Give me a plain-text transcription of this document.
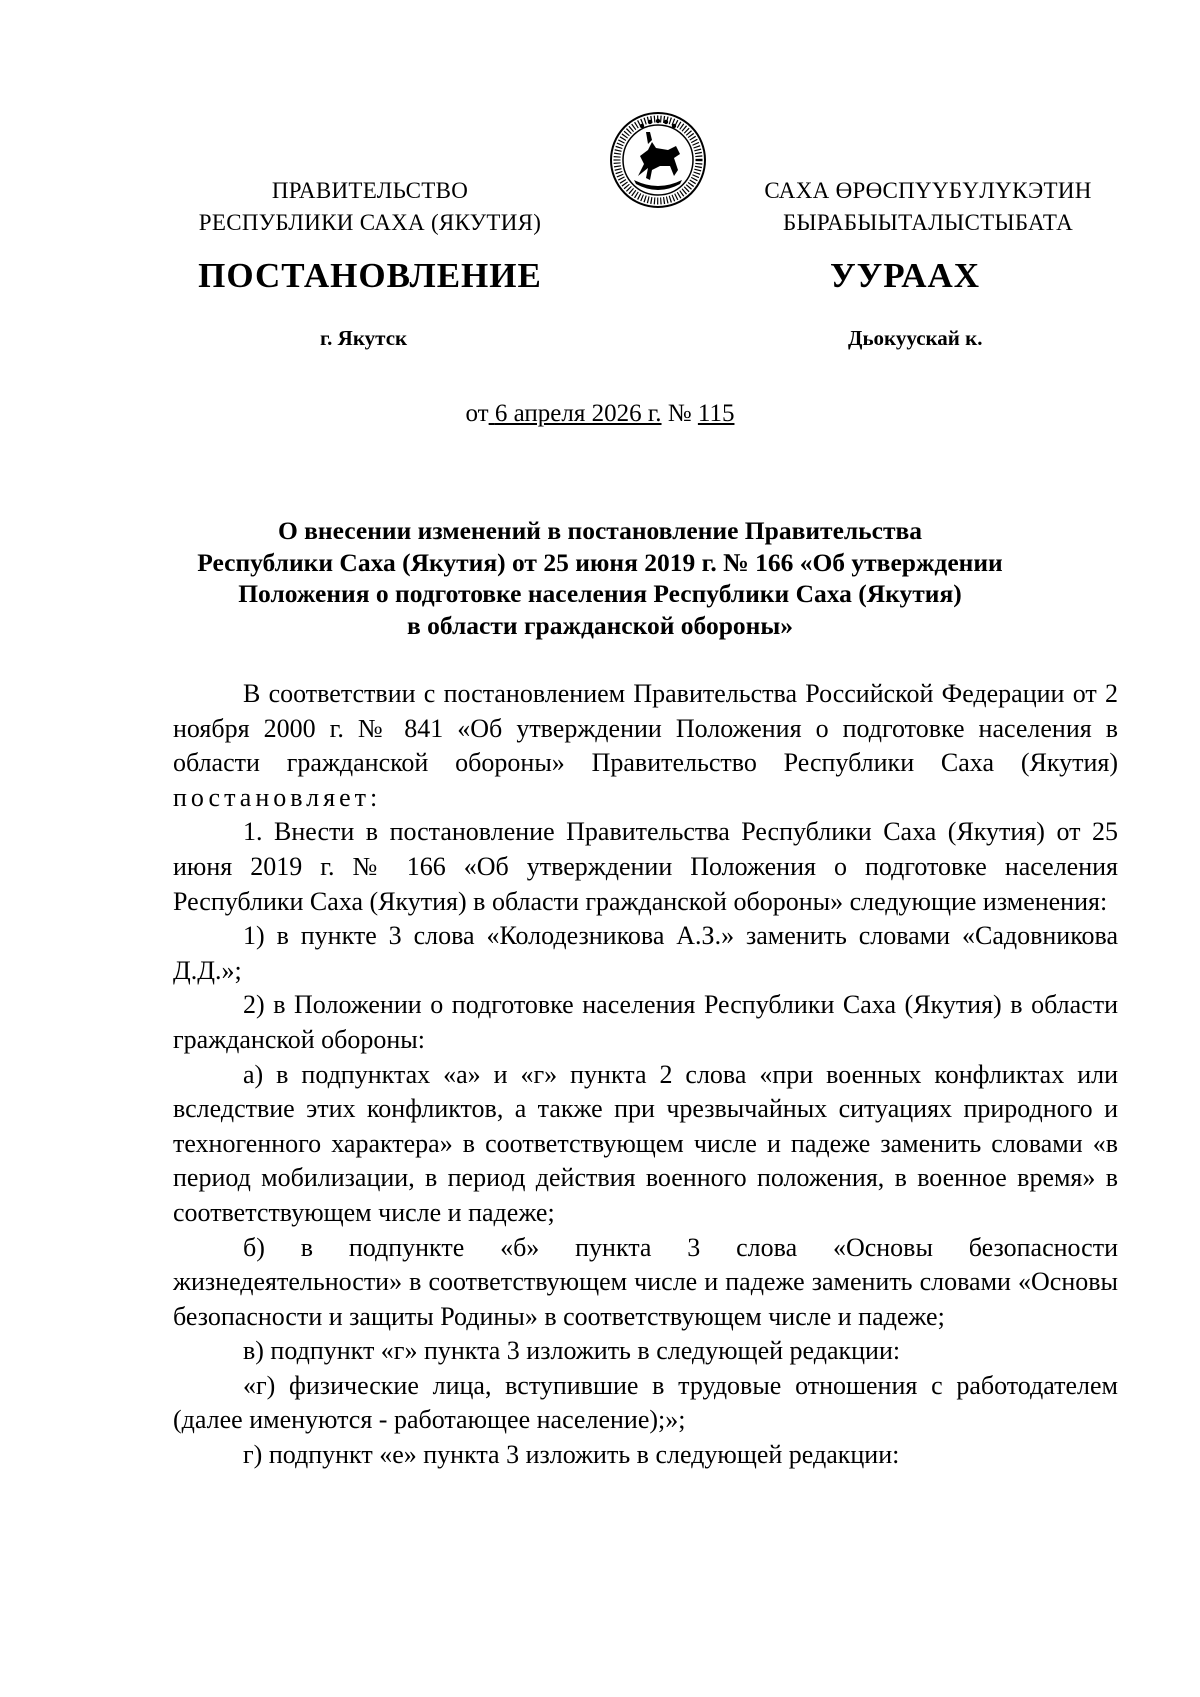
ПРАВИТЕЛЬСТВО
РЕСПУБЛИКИ САХА (ЯКУТИЯ)
САХА ӨРӨСПҮҮБҮЛҮКЭТИН
БЫРАБЫЫТАЛЫСТЫБАТА
ПОСТАНОВЛЕНИЕ	УУРААХ
г. Якутск	Дьокуускай к.
от 6 апреля 2026 г. № 115
О внесении изменений в постановление Правительства
Республики Саха (Якутия) от 25 июня 2019 г. № 166 «Об утверждении
Положения о подготовке населения Республики Саха (Якутия)
в области гражданской обороны»

В соответствии с постановлением Правительства Российской Федерации от 2 ноября 2000 г. № 841 «Об утверждении Положения о подготовке населения в области гражданской обороны» Правительство Республики Саха (Якутия) постановляет:

1. Внести в постановление Правительства Республики Саха (Якутия) от 25 июня 2019 г. № 166 «Об утверждении Положения о подготовке населения Республики Саха (Якутия) в области гражданской обороны» следующие изменения:

1) в пункте 3 слова «Колодезникова А.З.» заменить словами «Садовникова Д.Д.»;

2) в Положении о подготовке населения Республики Саха (Якутия) в области гражданской обороны:

а) в подпунктах «а» и «г» пункта 2 слова «при военных конфликтах или вследствие этих конфликтов, а также при чрезвычайных ситуациях природного и техногенного характера» в соответствующем числе и падеже заменить словами «в период мобилизации, в период действия военного положения, в военное время» в соответствующем числе и падеже;

б) в подпункте «б» пункта 3 слова «Основы безопасности жизнедеятельности» в соответствующем числе и падеже заменить словами «Основы безопасности и защиты Родины» в соответствующем числе и падеже;

в) подпункт «г» пункта 3 изложить в следующей редакции:

«г) физические лица, вступившие в трудовые отношения с работодателем (далее именуются - работающее население);»;

г) подпункт «е» пункта 3 изложить в следующей редакции:
